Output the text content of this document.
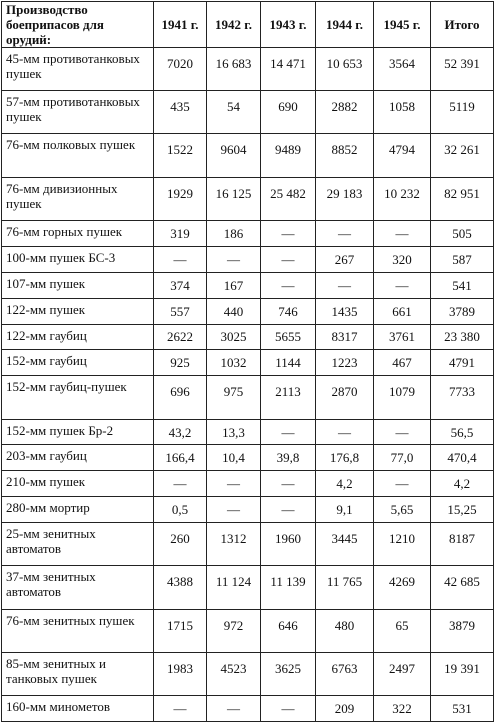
Производство боеприпасов для орудий:	1941 г.	1942 г.	1943 г.	1944 г.	1945 г.	Итого
45-мм противотанковых пушек	7020	16 683	14 471	10 653	3564	52 391
57-мм противотанковых пушек	435	54	690	2882	1058	5119
76-мм полковых пушек	1522	9604	9489	8852	4794	32 261
76-мм дивизионных пушек	1929	16 125	25 482	29 183	10 232	82 951
76-мм горных пушек	319	186	—	—	—	505
100-мм пушек БС-3	—	—	—	267	320	587
107-мм пушек	374	167	—	—	—	541
122-мм пушек	557	440	746	1435	661	3789
122-мм гаубиц	2622	3025	5655	8317	3761	23 380
152-мм гаубиц	925	1032	1144	1223	467	4791
152-мм гаубиц-пушек	696	975	2113	2870	1079	7733
152-мм пушек Бр-2	43,2	13,3	—	—	—	56,5
203-мм гаубиц	166,4	10,4	39,8	176,8	77,0	470,4
210-мм пушек	—	—	—	4,2	—	4,2
280-мм мортир	0,5	—	—	9,1	5,65	15,25
25-мм зенитных автоматов	260	1312	1960	3445	1210	8187
37-мм зенитных автоматов	4388	11 124	11 139	11 765	4269	42 685
76-мм зенитных пушек	1715	972	646	480	65	3879
85-мм зенитных и танковых пушек	1983	4523	3625	6763	2497	19 391
160-мм минометов	—	—	—	209	322	531
